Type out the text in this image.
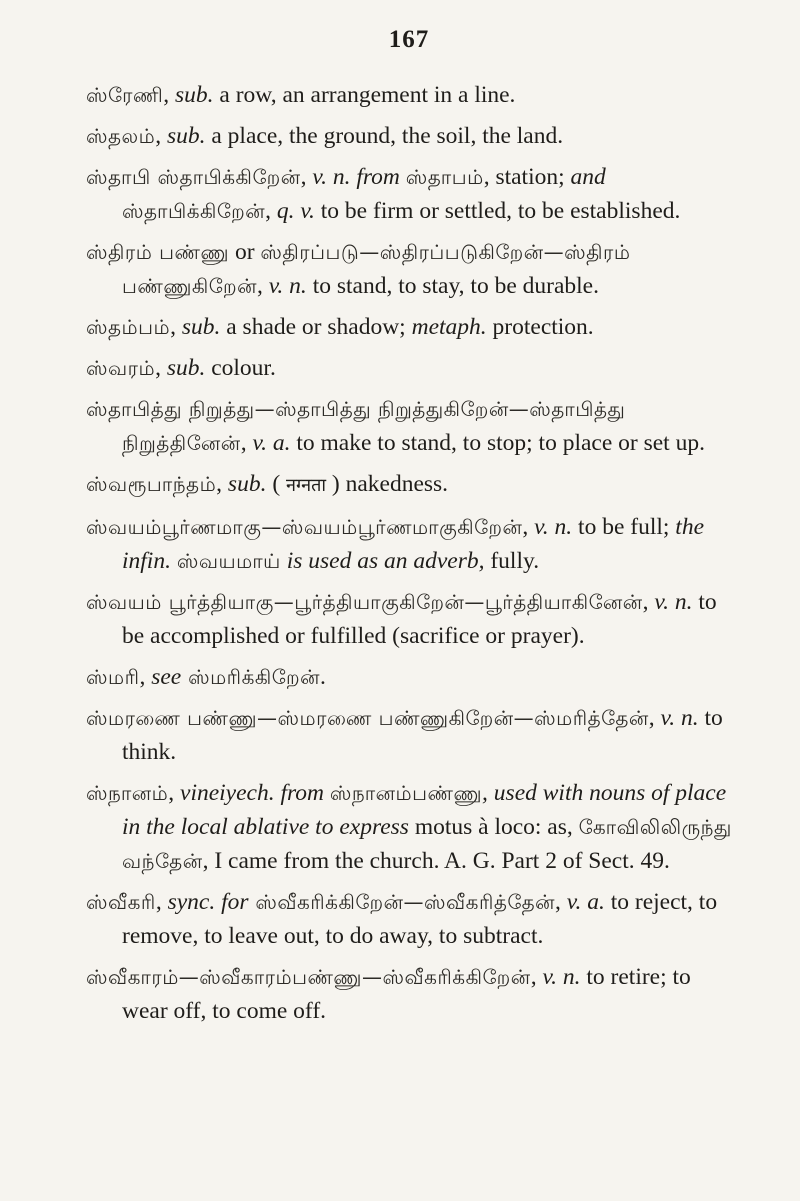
167

ஸ்ரேணி, sub. a row, an arrangement in a line.

ஸ்தலம், sub. a place, the ground, the soil, the land.

ஸ்தாபி ஸ்தாபிக்கிறேன், v. n. from ஸ்தாபம், station; and ஸ்தாபிக்கிறேன், q. v. to be firm or settled, to be established.

ஸ்திரம் பண்ணு or ஸ்திரப்படு—ஸ்திரப்படுகிறேன்—ஸ்திரம் பண்ணுகிறேன், v. n. to stand, to stay, to be durable.

ஸ்தம்பம், sub. a shade or shadow; metaph. protection.

ஸ்வரம், sub. colour.

ஸ்தாபித்து நிறுத்து—ஸ்தாபித்து நிறுத்துகிறேன்—ஸ்தாபித்து நிறுத்தினேன், v. a. to make to stand, to stop; to place or set up.

ஸ்வரூபாந்தம், sub. ( नग्नता ) nakedness.

ஸ்வயம்பூர்ணமாகு—ஸ்வயம்பூர்ணமாகுகிறேன், v. n. to be full; the infin. ஸ்வயமாய் is used as an adverb, fully.

ஸ்வயம் பூர்த்தியாகு—பூர்த்தியாகுகிறேன்—பூர்த்தியாகினேன், v. n. to be accomplished or fulfilled (sacrifice or prayer).

ஸ்மரி, see ஸ்மரிக்கிறேன்.

ஸ்மரணை பண்ணு—ஸ்மரணை பண்ணுகிறேன்—ஸ்மரித்தேன், v. n. to think.

ஸ்நானம், vineiyech. from ஸ்நானம்பண்ணு, used with nouns of place in the local ablative to express motus à loco: as, கோவிலிலிருந்து வந்தேன், I came from the church. A. G. Part 2 of Sect. 49.

ஸ்வீகரி, sync. for ஸ்வீகரிக்கிறேன்—ஸ்வீகரித்தேன், v. a. to reject, to remove, to leave out, to do away, to subtract.

ஸ்வீகாரம்—ஸ்வீகாரம்பண்ணு—ஸ்வீகரிக்கிறேன், v. n. to retire; to wear off, to come off.
